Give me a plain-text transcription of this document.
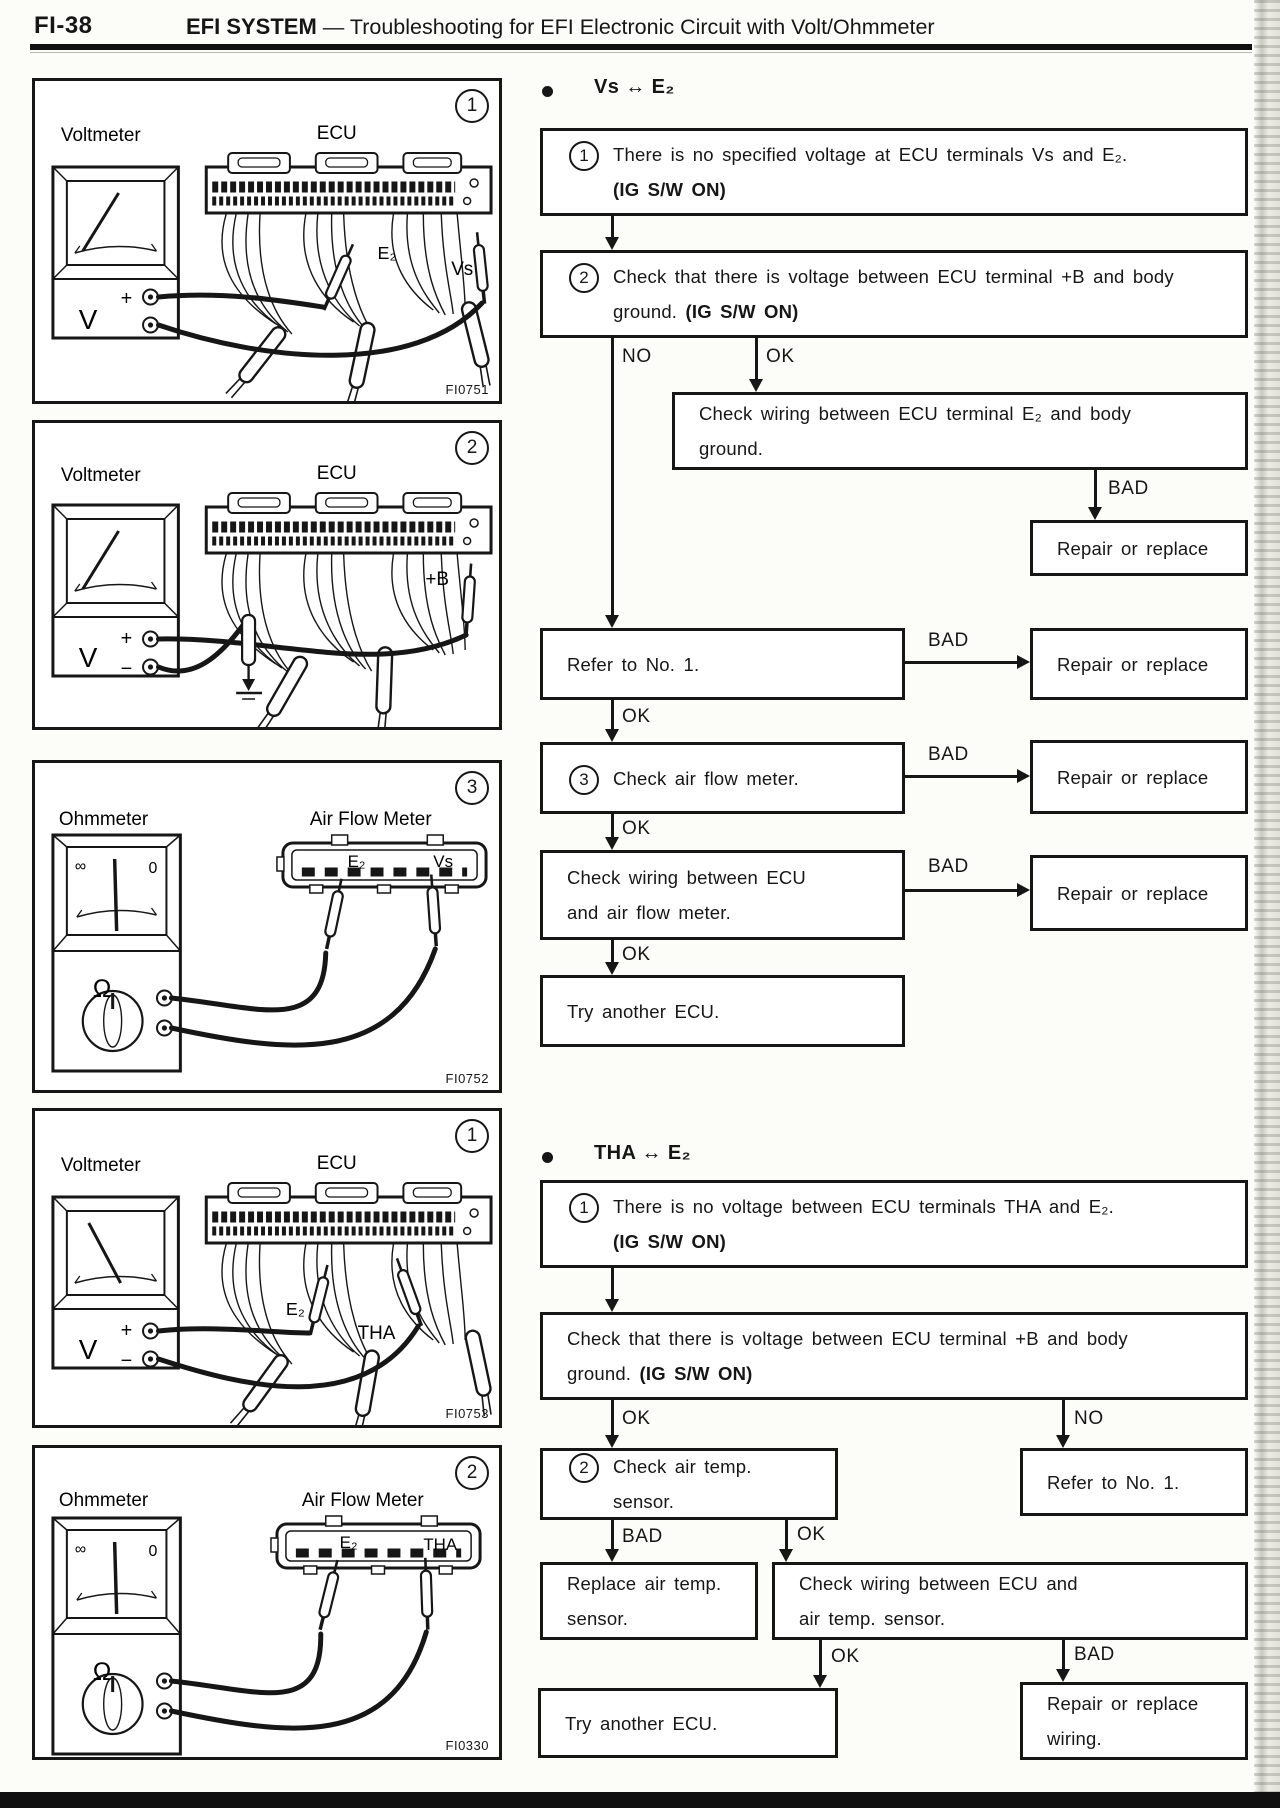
FI-38	EFI SYSTEM — Troubleshooting for EFI Electronic Circuit with Volt/Ohmmeter
Voltmeter
V
+
ECU
E₂
Vs
1
FI0751
Voltmeter
V
+
−
ECU
+B
2
Ohmmeter
∞	0
Ω
Air Flow Meter
E₂	Vs
3
FI0752
Voltmeter
V
+
−
ECU
E₂
THA
1
FI0753
Ohmmeter
∞	0
Ω
Air Flow Meter
E₂	THA
2
FI0330
Vs ↔ E₂
1	There is no specified voltage at ECU terminals Vs and E₂.
(IG S/W ON)
2	Check that there is voltage between ECU terminal +B and body
ground. (IG S/W ON)
NO	OK
Check wiring between ECU terminal E₂ and body
ground.
BAD
Repair or replace
Refer to No. 1.
BAD
Repair or replace
OK
3	Check air flow meter.
BAD
Repair or replace
OK
Check wiring between ECU
and air flow meter.
BAD
Repair or replace
OK
Try another ECU.
THA ↔ E₂
1	There is no voltage between ECU terminals THA and E₂.
(IG S/W ON)
Check that there is voltage between ECU terminal +B and body
ground. (IG S/W ON)
OK	NO
2	Check air temp.
sensor.
Refer to No. 1.
BAD	OK
Replace air temp.
sensor.
Check wiring between ECU and
air temp. sensor.
OK	BAD
Try another ECU.
Repair or replace
wiring.
